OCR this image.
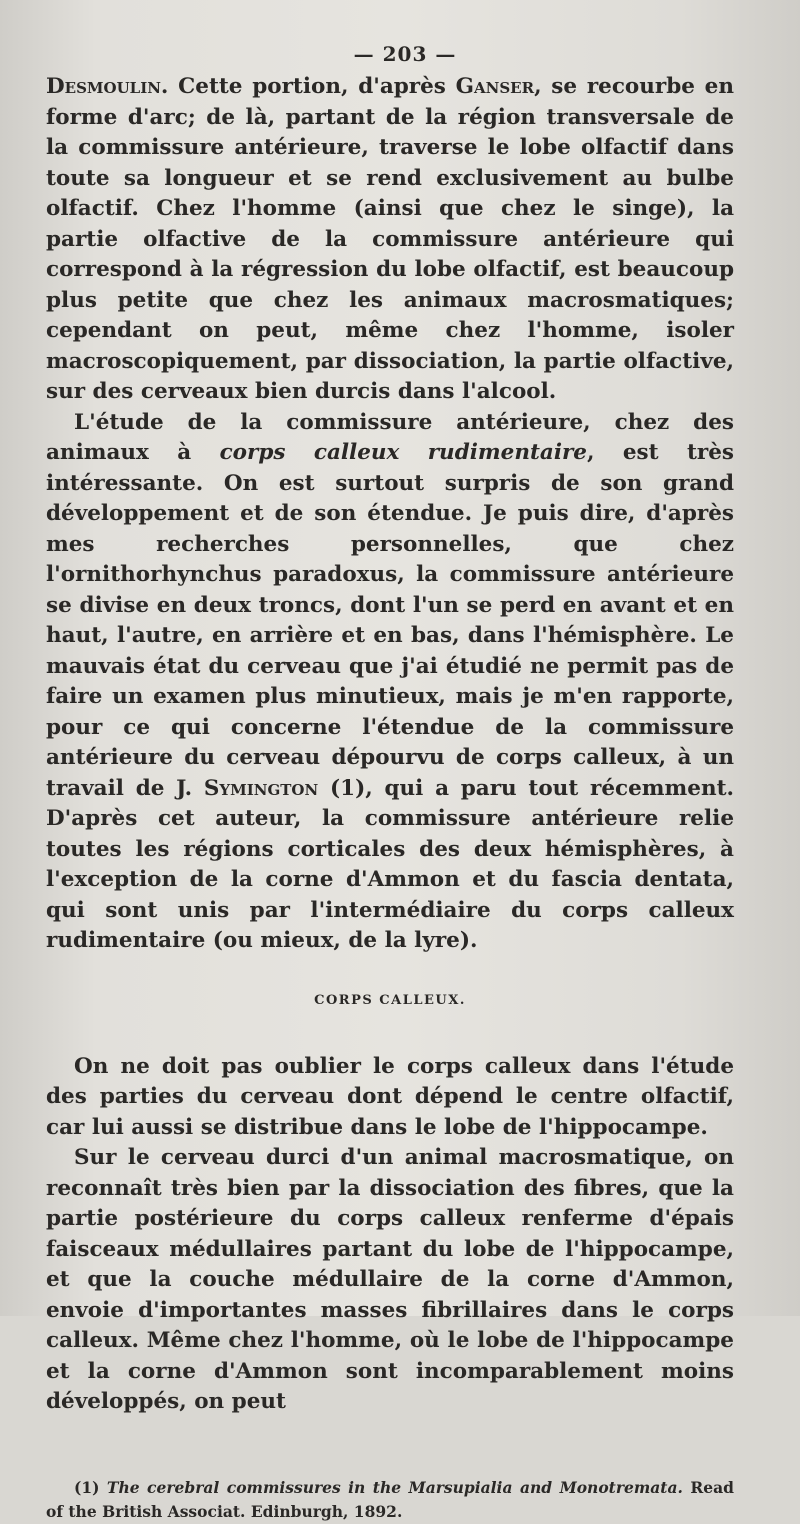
— 203 —

Desmoulin. Cette portion, d'après Ganser, se recourbe en forme d'arc; de là, partant de la région transversale de la commissure antérieure, traverse le lobe olfactif dans toute sa longueur et se rend exclusivement au bulbe olfactif. Chez l'homme (ainsi que chez le singe), la partie olfactive de la commissure antérieure qui correspond à la régression du lobe olfactif, est beaucoup plus petite que chez les animaux macrosmatiques; cependant on peut, même chez l'homme, isoler macroscopiquement, par dissociation, la partie olfactive, sur des cerveaux bien durcis dans l'alcool.

L'étude de la commissure antérieure, chez des animaux à corps calleux rudimentaire, est très intéressante. On est surtout surpris de son grand développement et de son étendue. Je puis dire, d'après mes recherches personnelles, que chez l'ornithorhynchus paradoxus, la commissure antérieure se divise en deux troncs, dont l'un se perd en avant et en haut, l'autre, en arrière et en bas, dans l'hémisphère. Le mauvais état du cerveau que j'ai étudié ne permit pas de faire un examen plus minutieux, mais je m'en rapporte, pour ce qui concerne l'étendue de la commissure antérieure du cerveau dépourvu de corps calleux, à un travail de J. Symington (1), qui a paru tout récemment. D'après cet auteur, la commissure antérieure relie toutes les régions corticales des deux hémisphères, à l'exception de la corne d'Ammon et du fascia dentata, qui sont unis par l'intermédiaire du corps calleux rudimentaire (ou mieux, de la lyre).

CORPS CALLEUX.

On ne doit pas oublier le corps calleux dans l'étude des parties du cerveau dont dépend le centre olfactif, car lui aussi se distribue dans le lobe de l'hippocampe.

Sur le cerveau durci d'un animal macrosmatique, on reconnaît très bien par la dissociation des fibres, que la partie postérieure du corps calleux renferme d'épais faisceaux médullaires partant du lobe de l'hippocampe, et que la couche médullaire de la corne d'Ammon, envoie d'importantes masses fibrillaires dans le corps calleux. Même chez l'homme, où le lobe de l'hippocampe et la corne d'Ammon sont incomparablement moins développés, on peut

(1) The cerebral commissures in the Marsupialia and Monotremata. Read of the British Associat. Edinburgh, 1892.
